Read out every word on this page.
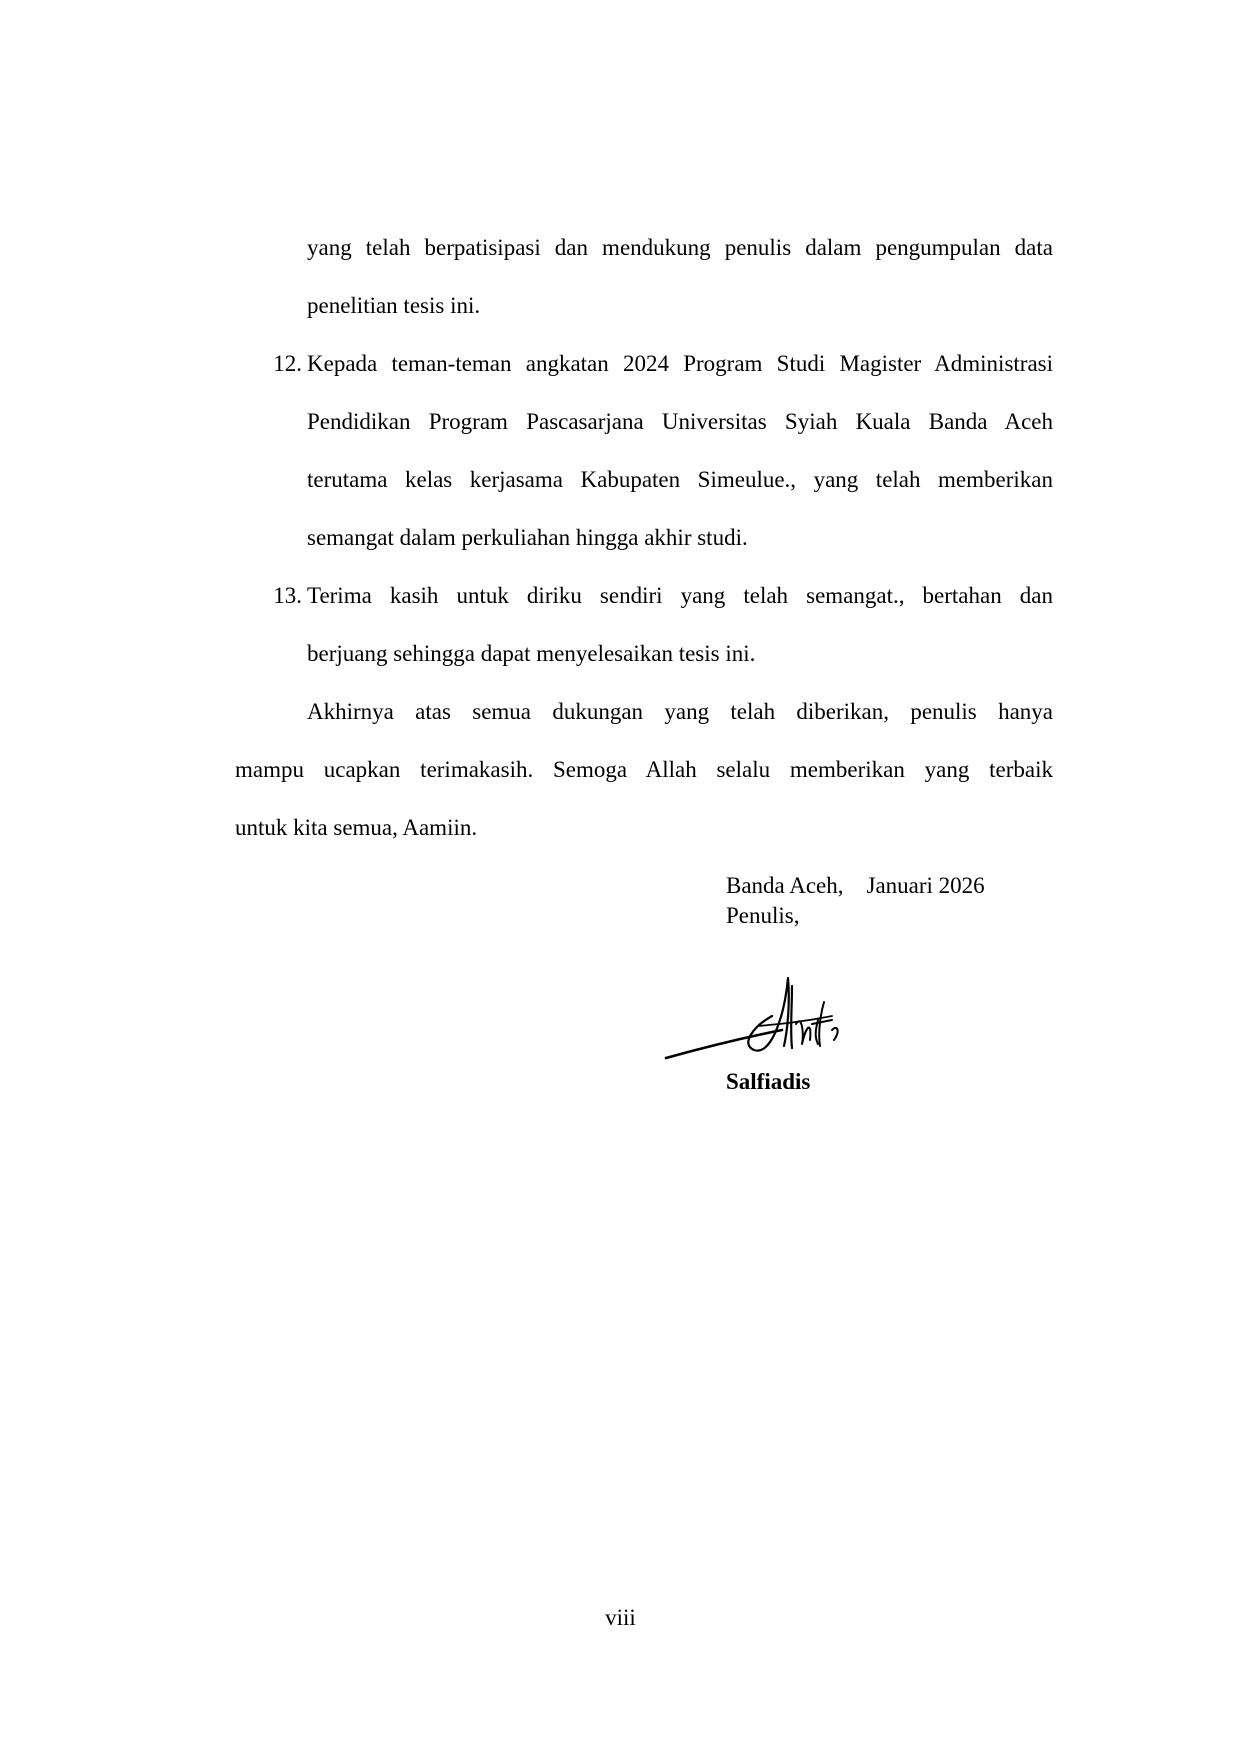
yang telah berpatisipasi dan mendukung penulis dalam pengumpulan data
penelitian tesis ini.
12. Kepada teman-teman angkatan 2024 Program Studi Magister Administrasi
Pendidikan Program Pascasarjana Universitas Syiah Kuala Banda Aceh
terutama kelas kerjasama Kabupaten Simeulue., yang telah memberikan
semangat dalam perkuliahan hingga akhir studi.
13. Terima kasih untuk diriku sendiri yang telah semangat., bertahan dan
berjuang sehingga dapat menyelesaikan tesis ini.
Akhirnya atas semua dukungan yang telah diberikan, penulis hanya
mampu ucapkan terimakasih. Semoga Allah selalu memberikan yang terbaik
untuk kita semua, Aamiin.
Banda Aceh,    Januari 2026
Penulis,
Salfiadis
viii
